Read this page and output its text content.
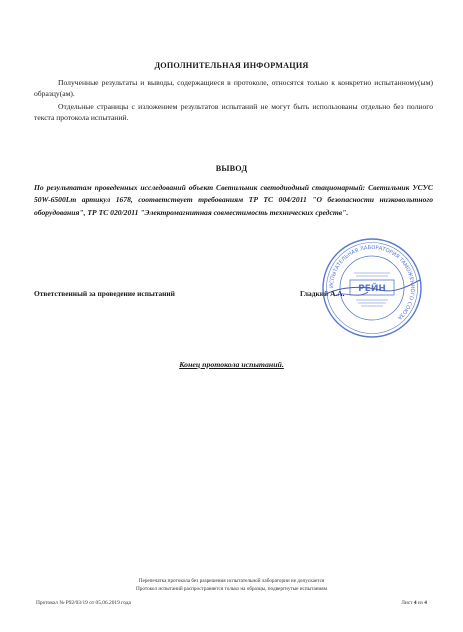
ДОПОЛНИТЕЛЬНАЯ ИНФОРМАЦИЯ
Полученные результаты и выводы, содержащиеся в протоколе, относятся только к конкретно испытанному(ым) образцу(ам).
Отдельные страницы с изложением результатов испытаний не могут быть использованы отдельно без полного текста протокола испытаний.
ВЫВОД
По результатам проведенных исследований объект Светильник светодиодный стационарный: Светильник УСУС 50W-6500Lm артикул 1678, соответствует требованиям ТР ТС 004/2011 "О безопасности низковольтного оборудования", ТР ТС 020/2011 "Электромагнитная совместимость технических средств".
Ответственный за проведение испытаний	Гладкий А.А.
ИСПЫТАТЕЛЬНАЯ ЛАБОРАТОРИЯ ТАМОЖЕННОГО СОЮЗА
РЕЙН
Конец протокола испытаний.
Перепечатка протокола без разрешения испытательной лаборатории не допускается
Протокол испытаний распространяется только на образцы, подвергнутые испытаниям
Протокол № Р92/03/19 от 05.06.2019 года	Лист 4 из 4
